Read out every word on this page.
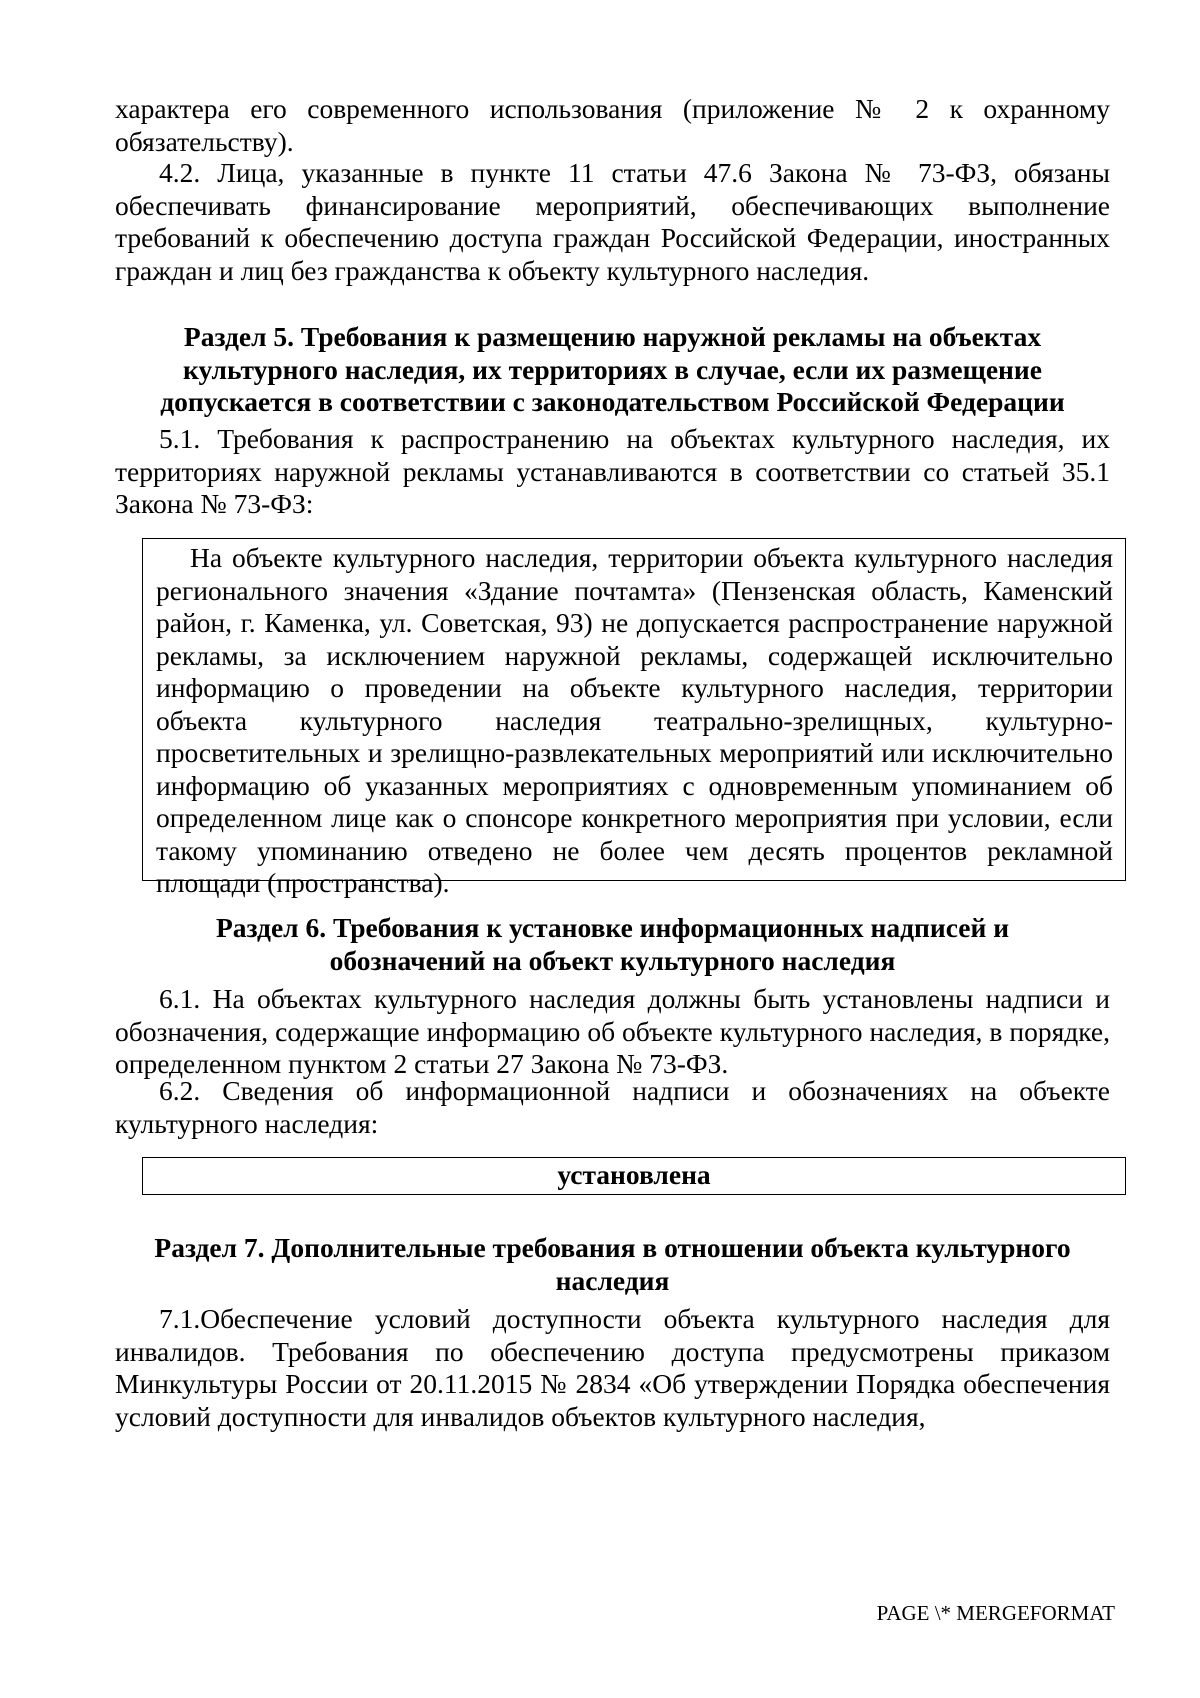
характера его современного использования (приложение № 2 к охранному обязательству).

4.2. Лица, указанные в пункте 11 статьи 47.6 Закона № 73-ФЗ, обязаны обеспечивать финансирование мероприятий, обеспечивающих выполнение требований к обеспечению доступа граждан Российской Федерации, иностранных граждан и лиц без гражданства к объекту культурного наследия.

Раздел 5. Требования к размещению наружной рекламы на объектах
культурного наследия, их территориях в случае, если их размещение
допускается в соответствии с законодательством Российской Федерации

5.1. Требования к распространению на объектах культурного наследия, их территориях наружной рекламы устанавливаются в соответствии со статьей 35.1 Закона № 73-ФЗ:

На объекте культурного наследия, территории объекта культурного наследия регионального значения «Здание почтамта» (Пензенская область, Каменский район, г. Каменка, ул. Советская, 93) не допускается распространение наружной рекламы, за исключением наружной рекламы, содержащей исключительно информацию о проведении на объекте культурного наследия, территории объекта культурного наследия театрально-зрелищных, культурно-просветительных и зрелищно-развлекательных мероприятий или исключительно информацию об указанных мероприятиях с одновременным упоминанием об определенном лице как о спонсоре конкретного мероприятия при условии, если такому упоминанию отведено не более чем десять процентов рекламной площади (пространства).

Раздел 6. Требования к установке информационных надписей и
обозначений на объект культурного наследия

6.1. На объектах культурного наследия должны быть установлены надписи и обозначения, содержащие информацию об объекте культурного наследия, в порядке, определенном пунктом 2 статьи 27 Закона № 73-ФЗ.

6.2. Сведения об информационной надписи и обозначениях на объекте культурного наследия:

установлена
Раздел 7. Дополнительные требования в отношении объекта культурного
наследия

7.1.Обеспечение условий доступности объекта культурного наследия для инвалидов. Требования по обеспечению доступа предусмотрены приказом Минкультуры России от 20.11.2015 № 2834 «Об утверждении Порядка обеспечения условий доступности для инвалидов объектов культурного наследия,

PAGE \* MERGEFORMAT
